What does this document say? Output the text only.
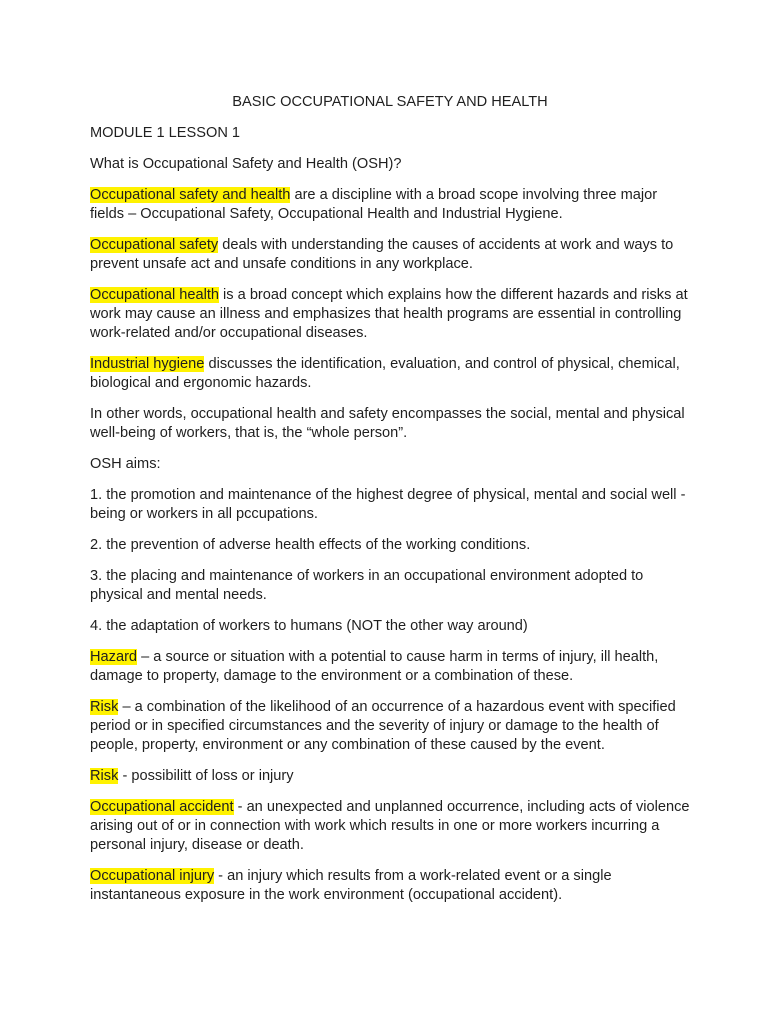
BASIC OCCUPATIONAL SAFETY AND HEALTH

MODULE 1 LESSON 1

What is Occupational Safety and Health (OSH)?

Occupational safety and health are a discipline with a broad scope involving three major fields – Occupational Safety, Occupational Health and Industrial Hygiene.

Occupational safety deals with understanding the causes of accidents at work and ways to prevent unsafe act and unsafe conditions in any workplace.

Occupational health is a broad concept which explains how the different hazards and risks at work may cause an illness and emphasizes that health programs are essential in controlling work-related and/or occupational diseases.

Industrial hygiene discusses the identification, evaluation, and control of physical, chemical, biological and ergonomic hazards.

In other words, occupational health and safety encompasses the social, mental and physical well-being of workers, that is, the “whole person”.

OSH aims:

1. the promotion and maintenance of the highest degree of physical, mental and social well - being or workers in all pccupations.

2. the prevention of adverse health effects of the working conditions.

3. the placing and maintenance of workers in an occupational environment adopted to physical and mental needs.

4. the adaptation of workers to humans (NOT the other way around)

Hazard – a source or situation with a potential to cause harm in terms of injury, ill health, damage to property, damage to the environment or a combination of these.

Risk – a combination of the likelihood of an occurrence of a hazardous event with specified period or in specified circumstances and the severity of injury or damage to the health of people, property, environment or any combination of these caused by the event.

Risk - possibilitt of loss or injury

Occupational accident - an unexpected and unplanned occurrence, including acts of violence arising out of or in connection with work which results in one or more workers incurring a personal injury, disease or death.

Occupational injury - an injury which results from a work-related event or a single instantaneous exposure in the work environment (occupational accident).
